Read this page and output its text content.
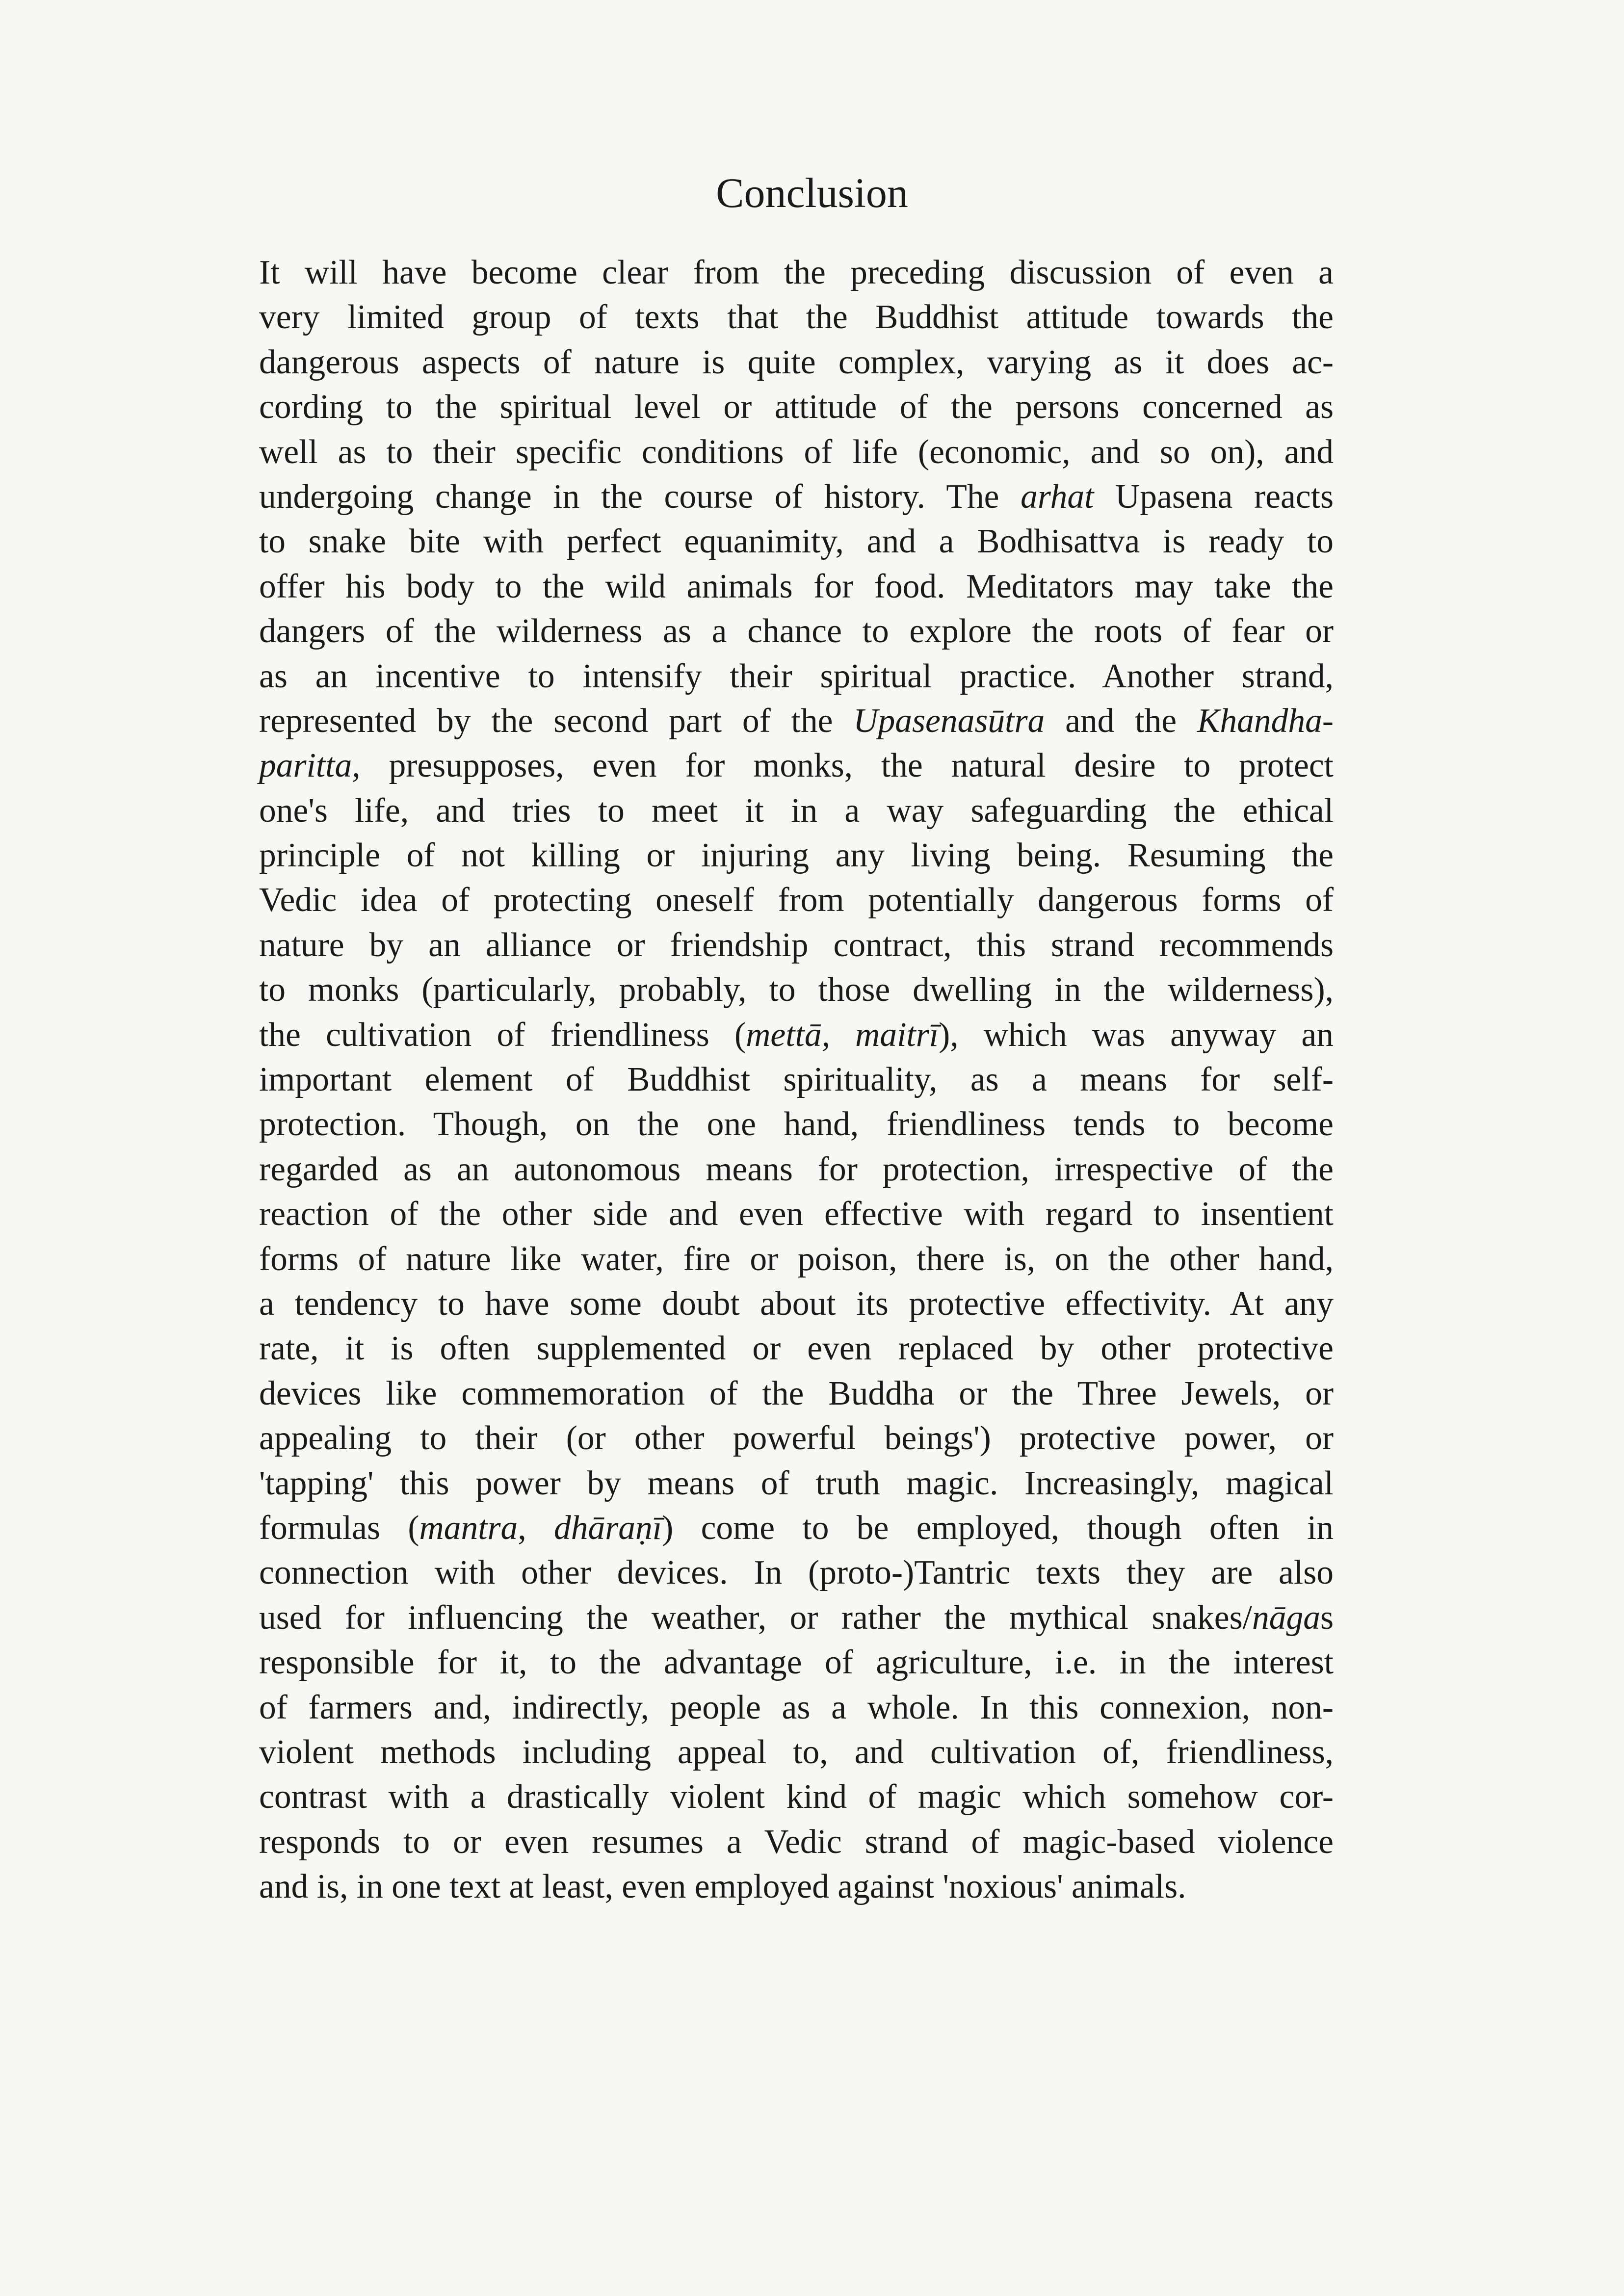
Conclusion
It will have become clear from the preceding discussion of even a
very limited group of texts that the Buddhist attitude towards the
dangerous aspects of nature is quite complex, varying as it does ac-
cording to the spiritual level or attitude of the persons concerned as
well as to their specific conditions of life (economic, and so on), and
undergoing change in the course of history. The arhat Upasena reacts
to snake bite with perfect equanimity, and a Bodhisattva is ready to
offer his body to the wild animals for food. Meditators may take the
dangers of the wilderness as a chance to explore the roots of fear or
as an incentive to intensify their spiritual practice. Another strand,
represented by the second part of the Upasenasūtra and the Khandha-
paritta, presupposes, even for monks, the natural desire to protect
one's life, and tries to meet it in a way safeguarding the ethical
principle of not killing or injuring any living being. Resuming the
Vedic idea of protecting oneself from potentially dangerous forms of
nature by an alliance or friendship contract, this strand recommends
to monks (particularly, probably, to those dwelling in the wilderness),
the cultivation of friendliness (mettā, maitrī), which was anyway an
important element of Buddhist spirituality, as a means for self-
protection. Though, on the one hand, friendliness tends to become
regarded as an autonomous means for protection, irrespective of the
reaction of the other side and even effective with regard to insentient
forms of nature like water, fire or poison, there is, on the other hand,
a tendency to have some doubt about its protective effectivity. At any
rate, it is often supplemented or even replaced by other protective
devices like commemoration of the Buddha or the Three Jewels, or
appealing to their (or other powerful beings') protective power, or
'tapping' this power by means of truth magic. Increasingly, magical
formulas (mantra, dhāraṇī) come to be employed, though often in
connection with other devices. In (proto-)Tantric texts they are also
used for influencing the weather, or rather the mythical snakes/nāgas
responsible for it, to the advantage of agriculture, i.e. in the interest
of farmers and, indirectly, people as a whole. In this connexion, non-
violent methods including appeal to, and cultivation of, friendliness,
contrast with a drastically violent kind of magic which somehow cor-
responds to or even resumes a Vedic strand of magic-based violence
and is, in one text at least, even employed against 'noxious' animals.
